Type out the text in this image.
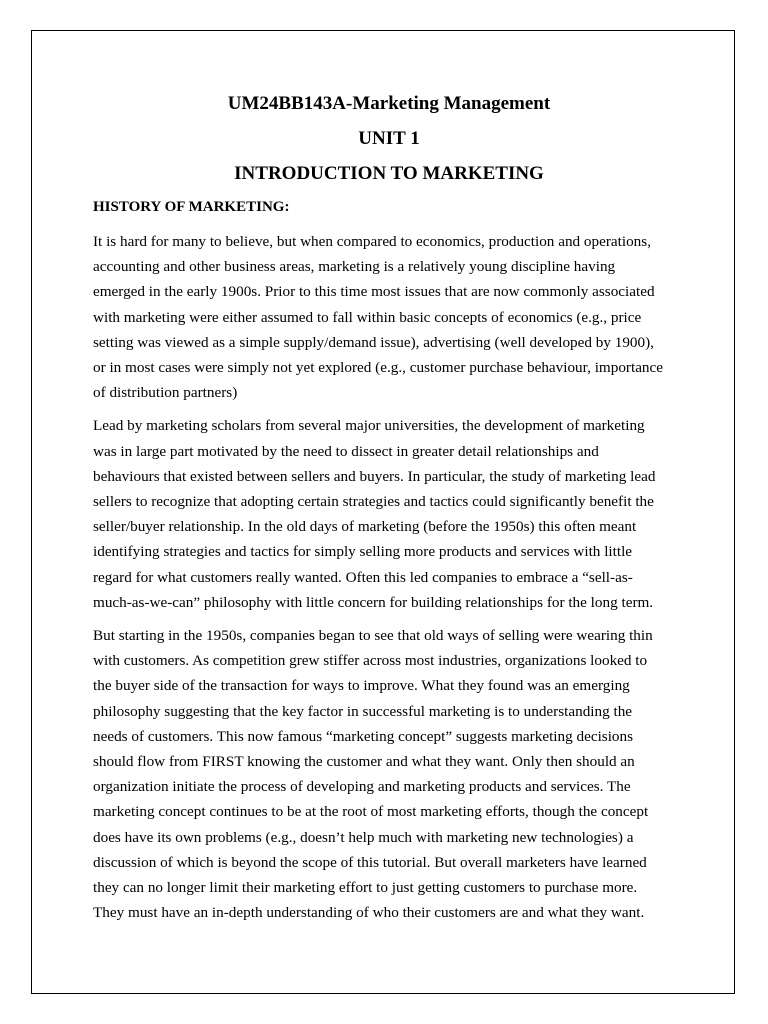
UM24BB143A-Marketing Management
UNIT 1
INTRODUCTION TO MARKETING
HISTORY OF MARKETING:

It is hard for many to believe, but when compared to economics, production and operations,
accounting and other business areas, marketing is a relatively young discipline having
emerged in the early 1900s. Prior to this time most issues that are now commonly associated
with marketing were either assumed to fall within basic concepts of economics (e.g., price
setting was viewed as a simple supply/demand issue), advertising (well developed by 1900),
or in most cases were simply not yet explored (e.g., customer purchase behaviour, importance
of distribution partners)

Lead by marketing scholars from several major universities, the development of marketing
was in large part motivated by the need to dissect in greater detail relationships and
behaviours that existed between sellers and buyers. In particular, the study of marketing lead
sellers to recognize that adopting certain strategies and tactics could significantly benefit the
seller/buyer relationship. In the old days of marketing (before the 1950s) this often meant
identifying strategies and tactics for simply selling more products and services with little
regard for what customers really wanted. Often this led companies to embrace a “sell-as-
much-as-we-can” philosophy with little concern for building relationships for the long term.

But starting in the 1950s, companies began to see that old ways of selling were wearing thin
with customers. As competition grew stiffer across most industries, organizations looked to
the buyer side of the transaction for ways to improve. What they found was an emerging
philosophy suggesting that the key factor in successful marketing is to understanding the
needs of customers. This now famous “marketing concept” suggests marketing decisions
should flow from FIRST knowing the customer and what they want. Only then should an
organization initiate the process of developing and marketing products and services. The
marketing concept continues to be at the root of most marketing efforts, though the concept
does have its own problems (e.g., doesn’t help much with marketing new technologies) a
discussion of which is beyond the scope of this tutorial. But overall marketers have learned
they can no longer limit their marketing effort to just getting customers to purchase more.
They must have an in-depth understanding of who their customers are and what they want.
